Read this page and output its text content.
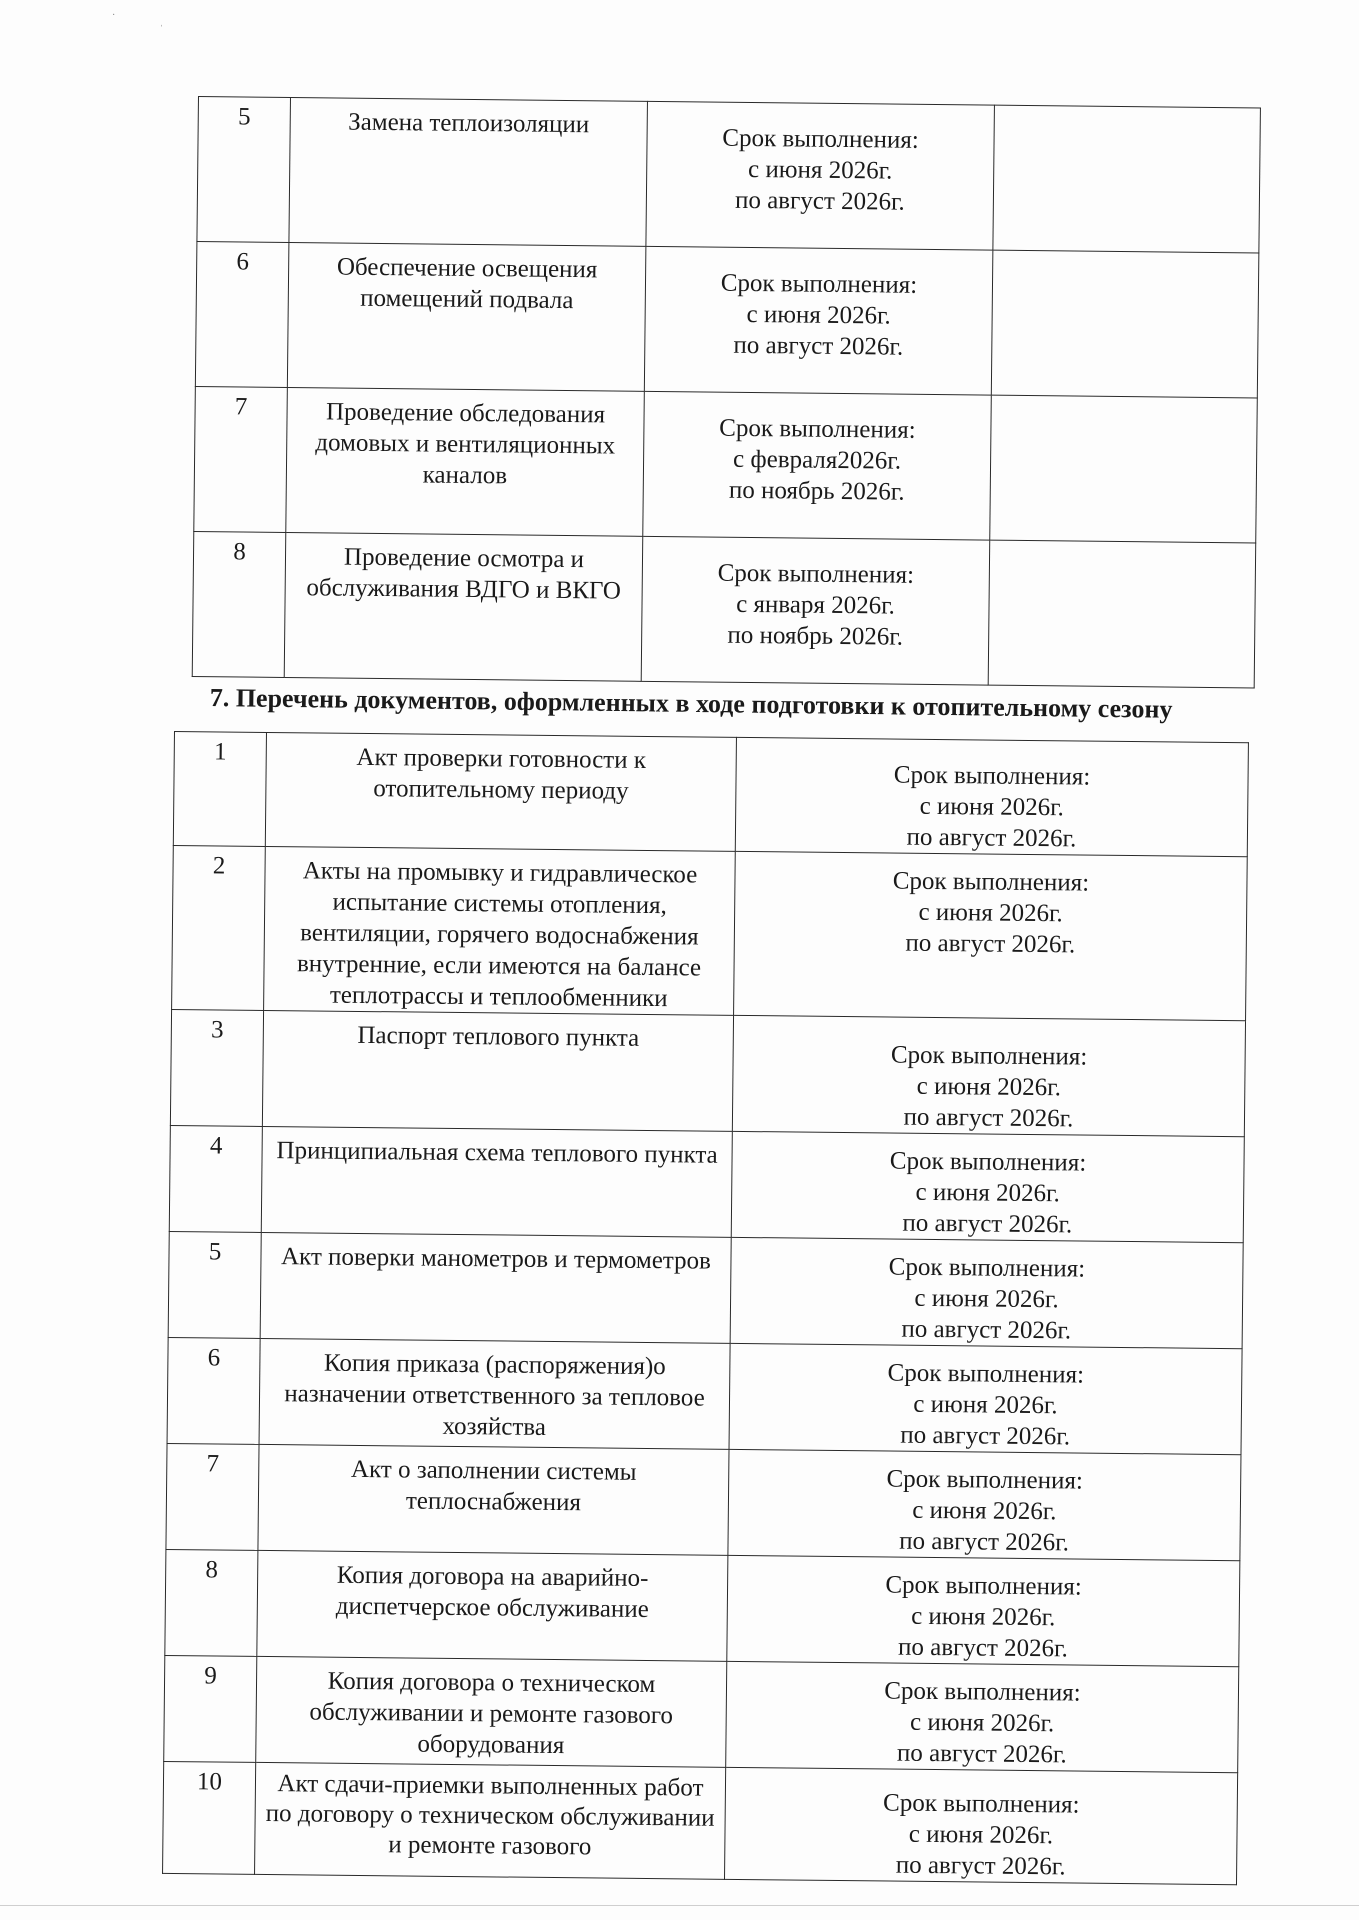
·
ˈ
5	Замена теплоизоляции	Срок выполнения:
с июня 2026г.
по август 2026г.	

6	Обеспечение освещения помещений подвала	Срок выполнения:
с июня 2026г.
по август 2026г.	

7	Проведение обследования домовых и вентиляционных каналов	Срок выполнения:
с февраля2026г.
по ноябрь 2026г.	

8	Проведение осмотра и обслуживания ВДГО и ВКГО	Срок выполнения:
с января 2026г.
по ноябрь 2026г.	

7. Перечень документов, оформленных в ходе подготовки к отопительному сезону
1	Акт проверки готовности к отопительному периоду	Срок выполнения:
с июня 2026г.
по август 2026г.

2	Акты на промывку и гидравлическое испытание системы отопления, вентиляции, горячего водоснабжения внутренние, если имеются на балансе теплотрассы и теплообменники	Срок выполнения:
с июня 2026г.
по август 2026г.

3	Паспорт теплового пункта	Срок выполнения:
с июня 2026г.
по август 2026г.

4	Принципиальная схема теплового пункта	Срок выполнения:
с июня 2026г.
по август 2026г.

5	Акт поверки манометров и термометров	Срок выполнения:
с июня 2026г.
по август 2026г.

6	Копия приказа (распоряжения)о назначении ответственного за тепловое хозяйства	Срок выполнения:
с июня 2026г.
по август 2026г.

7	Акт о заполнении системы теплоснабжения	Срок выполнения:
с июня 2026г.
по август 2026г.

8	Копия договора на аварийно-диспетчерское обслуживание	Срок выполнения:
с июня 2026г.
по август 2026г.

9	Копия договора о техническом обслуживании и ремонте газового оборудования	Срок выполнения:
с июня 2026г.
по август 2026г.

10	Акт сдачи-приемки выполненных работ по договору о техническом обслуживании и ремонте газового	Срок выполнения:
с июня 2026г.
по август 2026г.
